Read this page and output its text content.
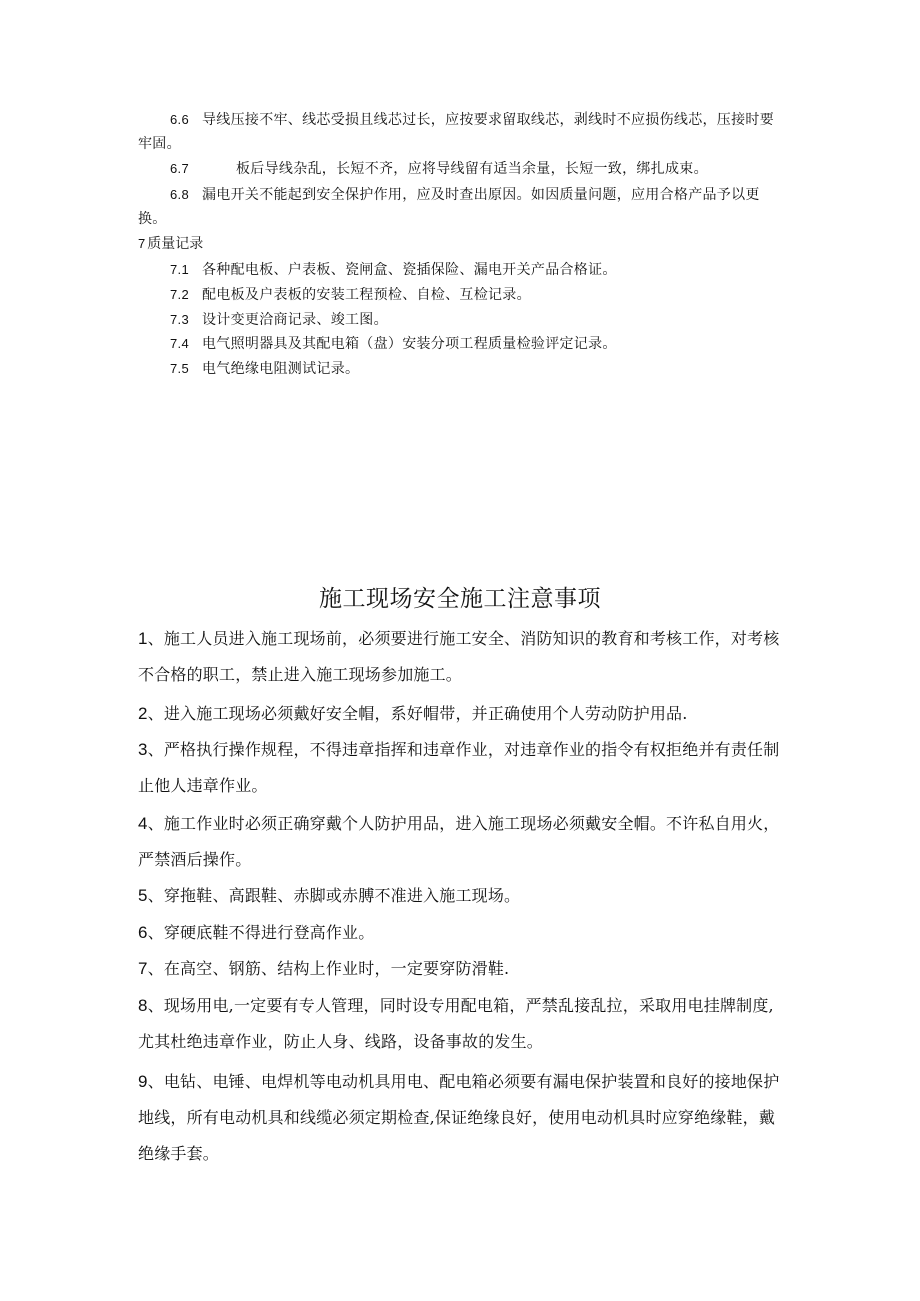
6.6 导线压接不牢、线芯受损且线芯过长，应按要求留取线芯，剥线时不应损伤线芯，压接时要牢固。
6.7	板后导线杂乱，长短不齐，应将导线留有适当余量，长短一致，绑扎成束。
6.8 漏电开关不能起到安全保护作用，应及时查出原因。如因质量问题，应用合格产品予以更换。
7 质量记录
7.1 各种配电板、户表板、瓷闸盒、瓷插保险、漏电开关产品合格证。
7.2 配电板及户表板的安装工程预检、自检、互检记录。
7.3 设计变更洽商记录、竣工图。
7.4 电气照明器具及其配电箱（盘）安装分项工程质量检验评定记录。
7.5 电气绝缘电阻测试记录。
施工现场安全施工注意事项
1、施工人员进入施工现场前，必须要进行施工安全、消防知识的教育和考核工作，对考核不合格的职工，禁止进入施工现场参加施工。
2、进入施工现场必须戴好安全帽，系好帽带，并正确使用个人劳动防护用品.
3、严格执行操作规程，不得违章指挥和违章作业，对违章作业的指令有权拒绝并有责任制止他人违章作业。
4、施工作业时必须正确穿戴个人防护用品，进入施工现场必须戴安全帽。不许私自用火，严禁酒后操作。
5、穿拖鞋、高跟鞋、赤脚或赤膊不准进入施工现场。
6、穿硬底鞋不得进行登高作业。
7、在高空、钢筋、结构上作业时，一定要穿防滑鞋.
8、现场用电,一定要有专人管理，同时设专用配电箱，严禁乱接乱拉，采取用电挂牌制度,尤其杜绝违章作业，防止人身、线路，设备事故的发生。
9、电钻、电锤、电焊机等电动机具用电、配电箱必须要有漏电保护装置和良好的接地保护地线，所有电动机具和线缆必须定期检查,保证绝缘良好，使用电动机具时应穿绝缘鞋，戴绝缘手套。
